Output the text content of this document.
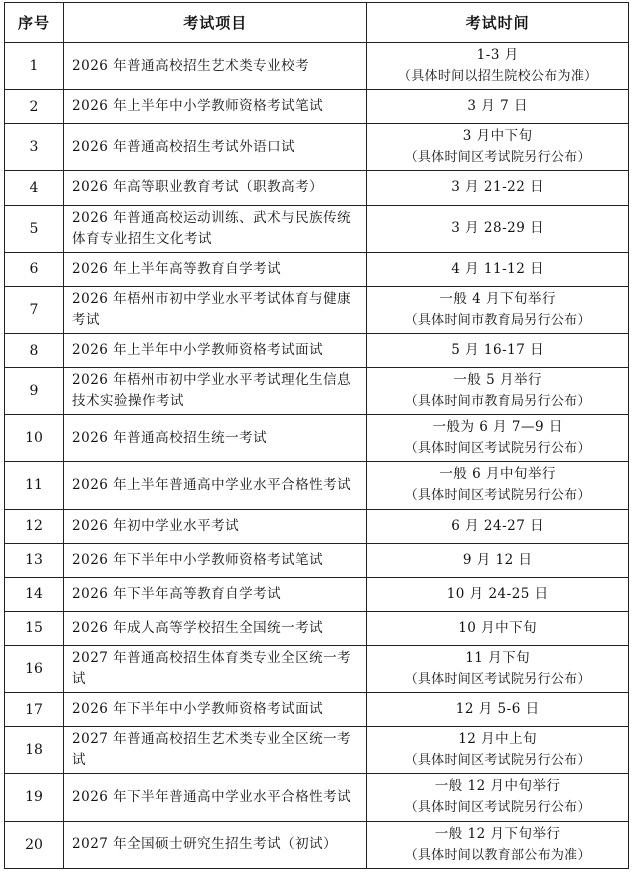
序号	考试项目	考试时间
1	2026 年普通高校招生艺术类专业校考	1-3 月
（具体时间以招生院校公布为准）

2	2026 年上半年中小学教师资格考试笔试	3 月 7 日

3	2026 年普通高校招生考试外语口试	3 月中下旬
（具体时间区考试院另行公布）

4	2026 年高等职业教育考试（职教高考）	3 月 21-22 日

5	2026 年普通高校运动训练、武术与民族传统体育专业招生文化考试	3 月 28-29 日

6	2026 年上半年高等教育自学考试	4 月 11-12 日

7	2026 年梧州市初中学业水平考试体育与健康考试	一般 4 月下旬举行
（具体时间市教育局另行公布）

8	2026 年上半年中小学教师资格考试面试	5 月 16-17 日

9	2026 年梧州市初中学业水平考试理化生信息技术实验操作考试	一般 5 月举行
（具体时间市教育局另行公布）

10	2026 年普通高校招生统一考试	一般为 6 月 7—9 日
（具体时间区考试院另行公布）

11	2026 年上半年普通高中学业水平合格性考试	一般 6 月中旬举行
（具体时间区考试院另行公布）

12	2026 年初中学业水平考试	6 月 24-27 日

13	2026 年下半年中小学教师资格考试笔试	9 月 12 日

14	2026 年下半年高等教育自学考试	10 月 24-25 日

15	2026 年成人高等学校招生全国统一考试	10 月中下旬

16	2027 年普通高校招生体育类专业全区统一考试	11 月下旬
（具体时间区考试院另行公布）

17	2026 年下半年中小学教师资格考试面试	12 月 5-6 日

18	2027 年普通高校招生艺术类专业全区统一考试	12 月中上旬
（具体时间区考试院另行公布）

19	2026 年下半年普通高中学业水平合格性考试	一般 12 月中旬举行
（具体时间区考试院另行公布）

20	2027 年全国硕士研究生招生考试（初试）	一般 12 月下旬举行
（具体时间以教育部公布为准）
